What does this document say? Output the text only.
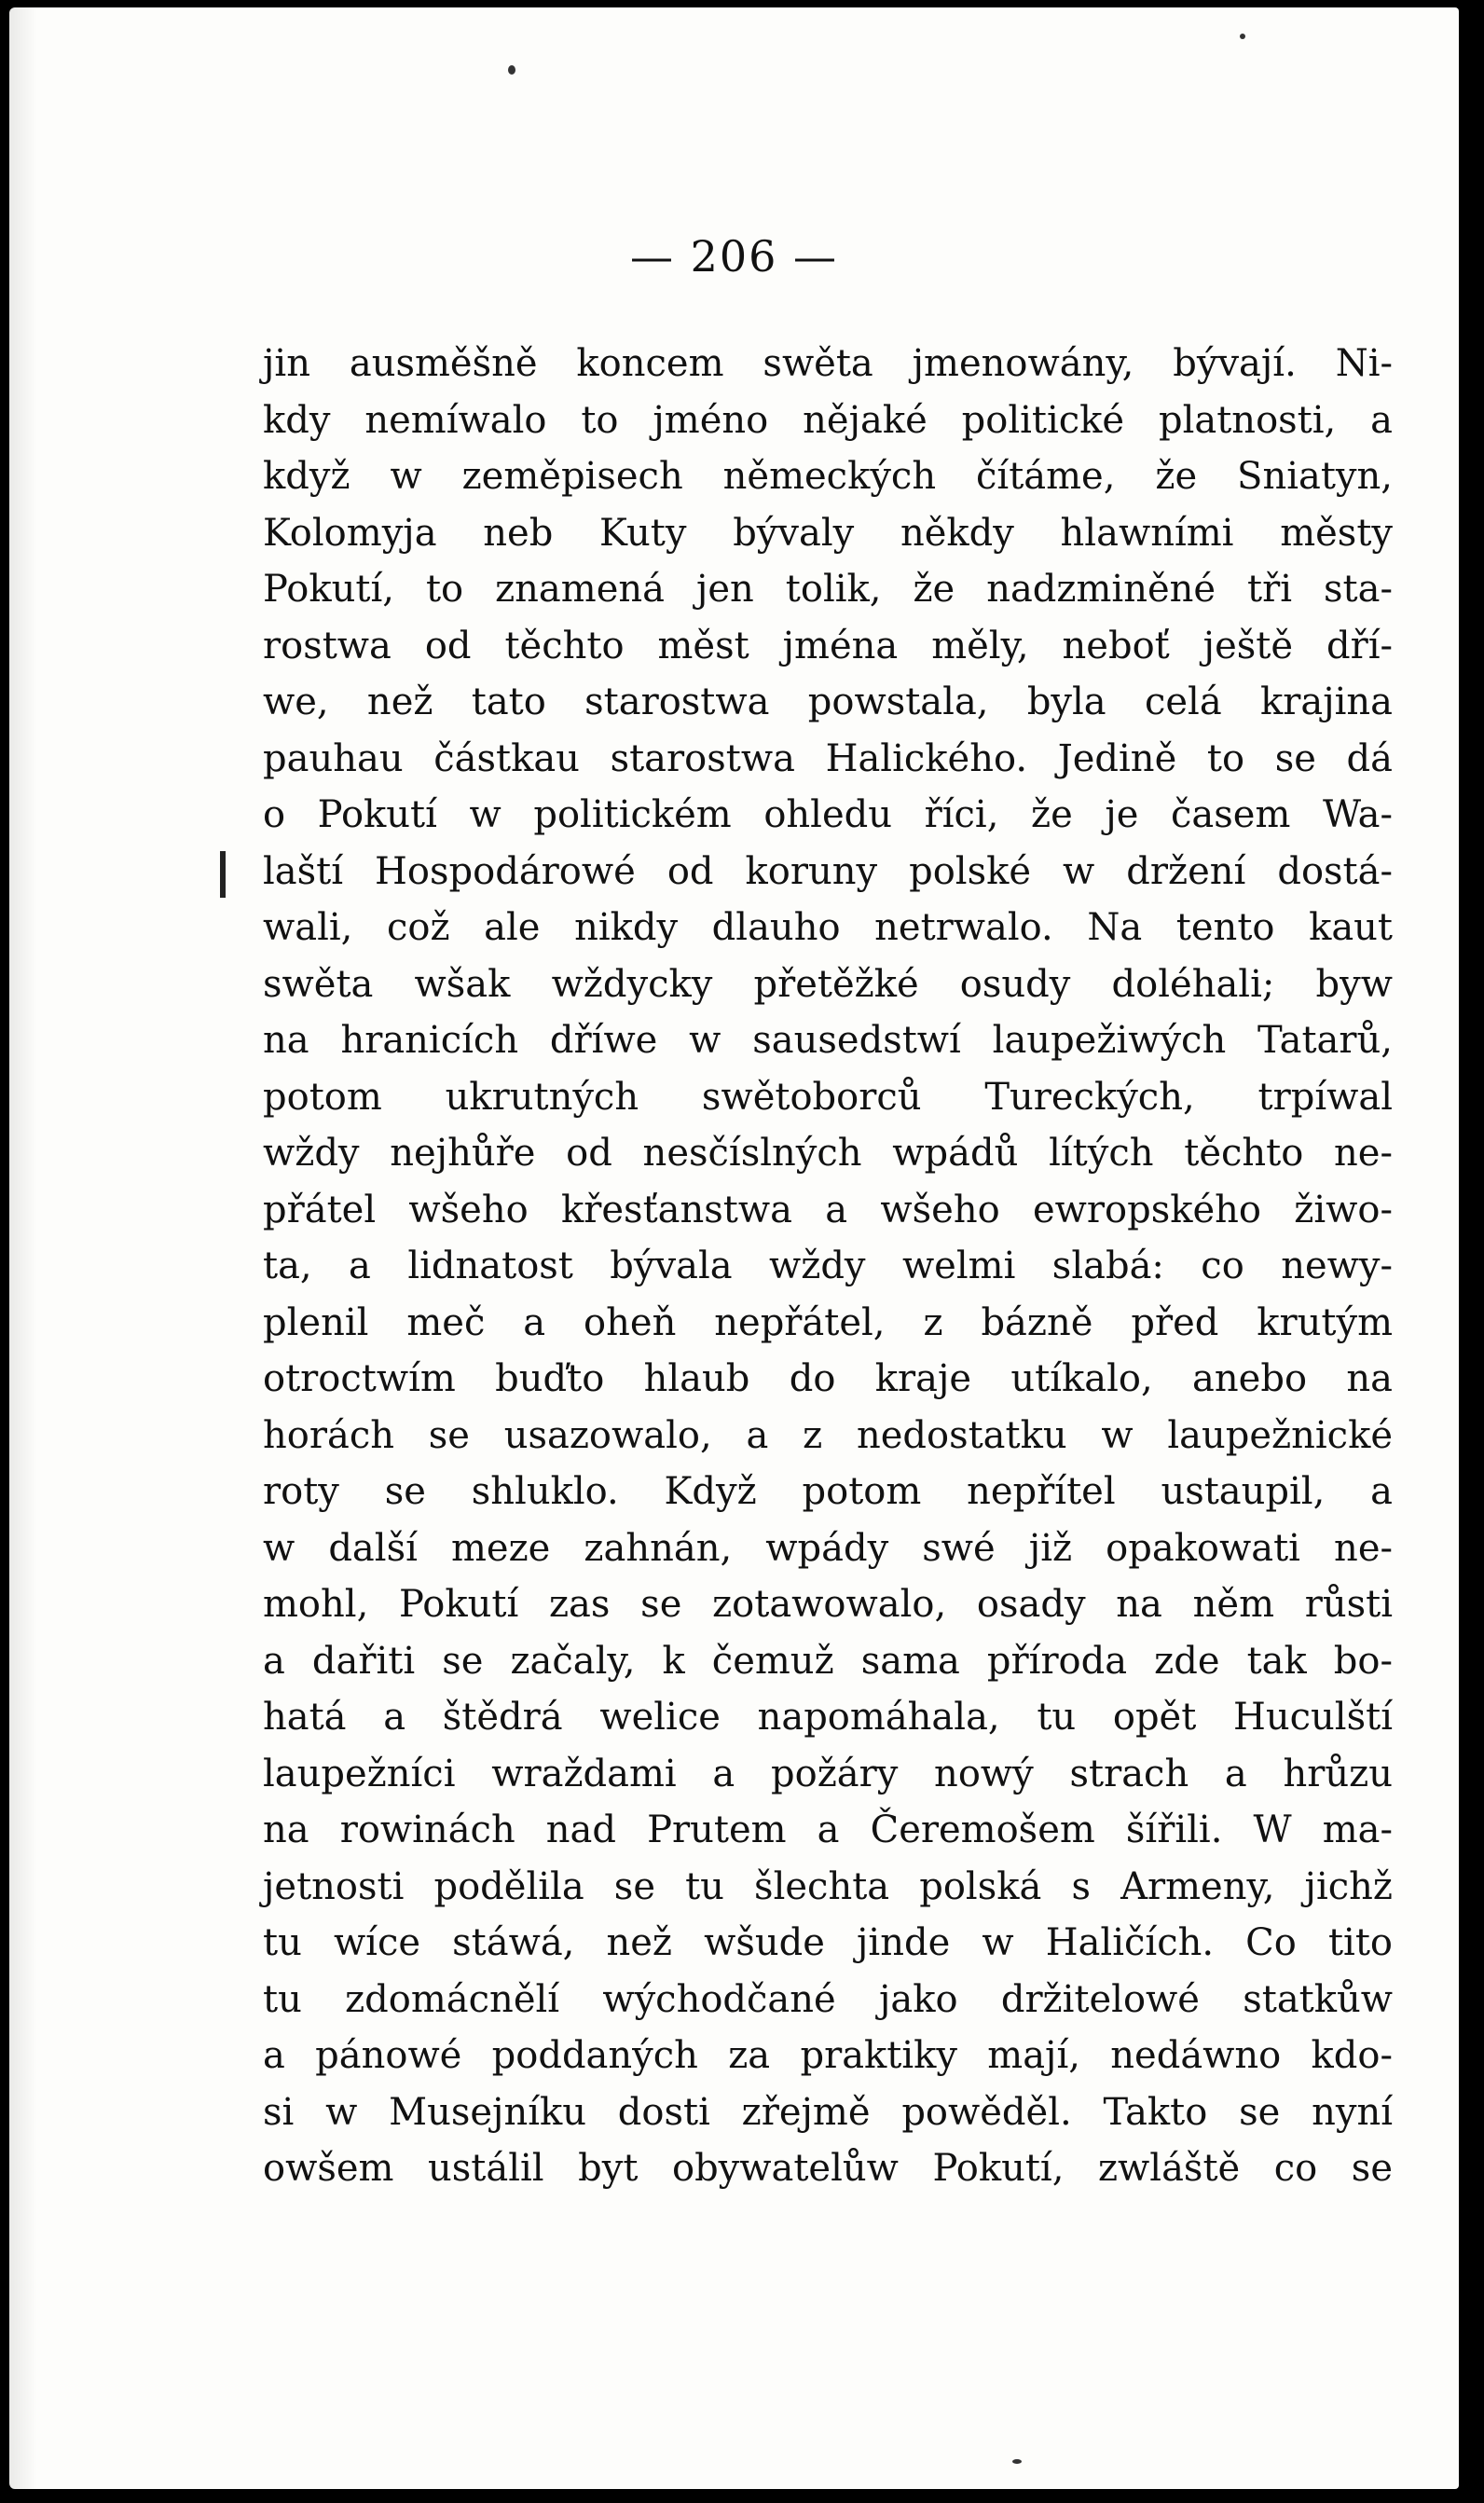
— 206 —
jin ausměšně koncem swěta jmenowány, bývají. Ni-
kdy nemíwalo to jméno nějaké politické platnosti, a
když w zeměpisech německých čítáme, že Sniatyn,
Kolomyja neb Kuty bývaly někdy hlawními městy
Pokutí, to znamená jen tolik, že nadzminěné tři sta-
rostwa od těchto měst jména měly, neboť ještě dří-
we, než tato starostwa powstala, byla celá krajina
pauhau částkau starostwa Halického. Jedině to se dá
o Pokutí w politickém ohledu říci, že je časem Wa-
laští Hospodárowé od koruny polské w držení dostá-
wali, což ale nikdy dlauho netrwalo. Na tento kaut
swěta wšak wždycky přetěžké osudy doléhali; byw
na hranicích dříwe w sausedstwí laupežiwých Tatarů,
potom ukrutných swětoborců Tureckých, trpíwal
wždy nejhůře od nesčíslných wpádů lítých těchto ne-
přátel wšeho křesťanstwa a wšeho ewropského žiwo-
ta, a lidnatost bývala wždy welmi slabá: co newy-
plenil meč a oheň nepřátel, z bázně před krutým
otroctwím buďto hlaub do kraje utíkalo, anebo na
horách se usazowalo, a z nedostatku w laupežnické
roty se shluklo. Když potom nepřítel ustaupil, a
w další meze zahnán, wpády swé již opakowati ne-
mohl, Pokutí zas se zotawowalo, osady na něm růsti
a dařiti se začaly, k čemuž sama příroda zde tak bo-
hatá a štědrá welice napomáhala, tu opět Huculští
laupežníci wraždami a požáry nowý strach a hrůzu
na rowinách nad Prutem a Čeremošem šířili. W ma-
jetnosti podělila se tu šlechta polská s Armeny, jichž
tu wíce stáwá, než wšude jinde w Haličích. Co tito
tu zdomácnělí wýchodčané jako držitelowé statkůw
a pánowé poddaných za praktiky mají, nedáwno kdo-
si w Musejníku dosti zřejmě powěděl. Takto se nyní
owšem ustálil byt obywatelůw Pokutí, zwláště co se
